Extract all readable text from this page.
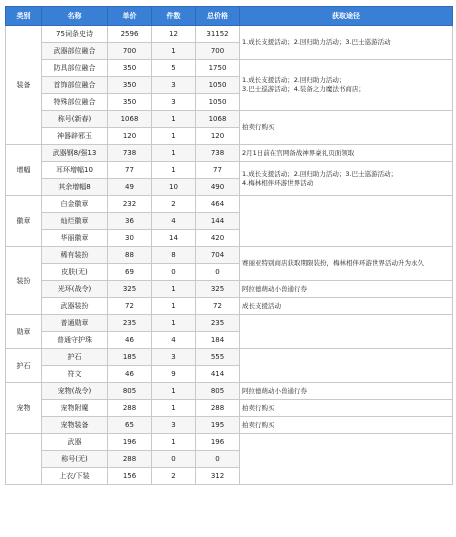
类别	名称	单价	件数	总价格	获取途径
装备	75词条史诗	2596	12	31152	1.成长支援活动；2.回归助力活动；3.巴士巡游活动
	武器部位融合	700	1	700	
	防具部位融合	350	5	1750	1.成长支援活动；2.回归助力活动；
3.巴士巡游活动；4.装备之力魔法书商店；
	首饰部位融合	350	3	1050	
	特殊部位融合	350	3	1050	
	称号(新春)	1068	1	1068	拍卖行购买
	神器辟邪玉	120	1	120	
增幅	武器钢8/强13	738	1	738	2月1日前在官网备战神界豪礼页面领取
	耳环增幅10	77	1	77	1.成长支援活动；2.回归助力活动；3.巴士巡游活动；
4.梅林相伴环游世界活动
	其余增幅8	49	10	490	
徽章	白金徽章	232	2	464	
	灿烂徽章	36	4	144	
	华丽徽章	30	14	420	
装扮	稀有装扮	88	8	704	赛丽亚特别商店获取期限装扮，梅林相伴环游世界活动升为永久
	皮肤(无)	69	0	0	
	光环(战令)	325	1	325	阿拉德萌动小兽通行券
	武器装扮	72	1	72	成长支援活动
勋章	普通勋章	235	1	235	
	普通守护珠	46	4	184	
护石	护石	185	3	555	
	符文	46	9	414	
宠物	宠物(战令)	805	1	805	阿拉德萌动小兽通行券
	宠物附魔	288	1	288	拍卖行购买
	宠物装备	65	3	195	拍卖行购买
	武器	196	1	196	
	称号(无)	288	0	0	
	上衣/下装	156	2	312	
